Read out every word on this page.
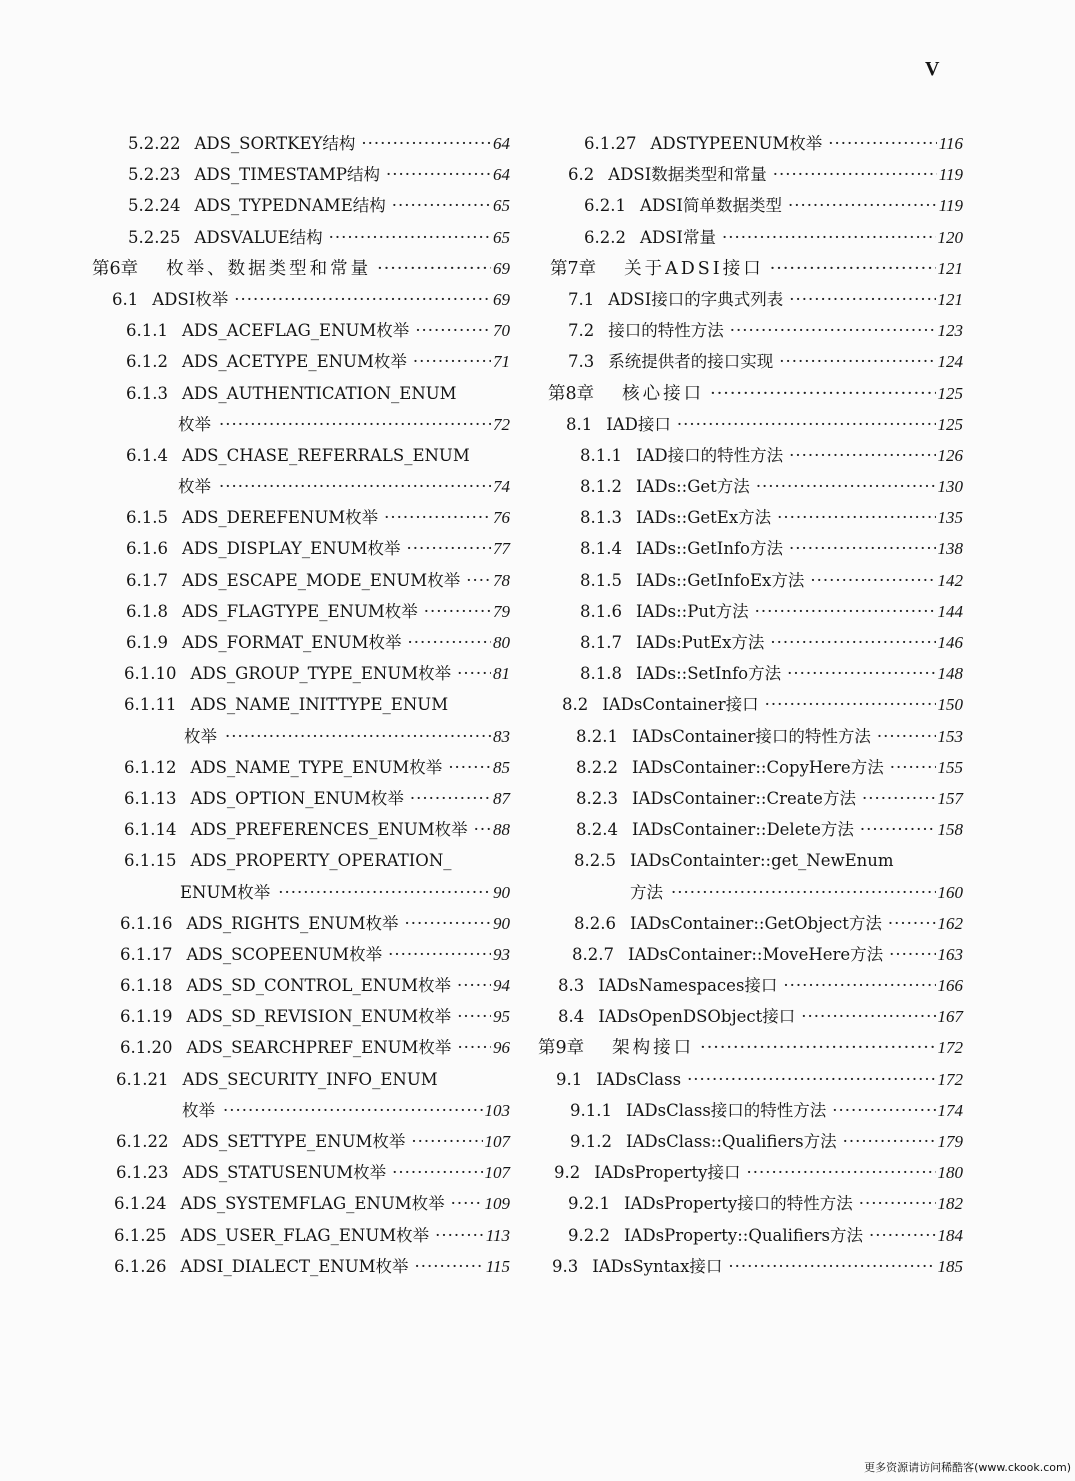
V
5.2.22 ADS_SORTKEY结构 ·····	64
5.2.23 ADS_TIMESTAMP结构 ·····	64
5.2.24 ADS_TYPEDNAME结构 ·····	65
5.2.25 ADSVALUE结构 ·····	65
第6章 枚举、数据类型和常量 ·····	69
6.1 ADSI枚举 ·····	69
6.1.1 ADS_ACEFLAG_ENUM枚举 ·····	70
6.1.2 ADS_ACETYPE_ENUM枚举 ·····	71
6.1.3 ADS_AUTHENTICATION_ENUM
枚举 ·····	72
6.1.4 ADS_CHASE_REFERRALS_ENUM
枚举 ·····	74
6.1.5 ADS_DEREFENUM枚举 ·····	76
6.1.6 ADS_DISPLAY_ENUM枚举 ·····	77
6.1.7 ADS_ESCAPE_MODE_ENUM枚举 ····· 78
6.1.8 ADS_FLAGTYPE_ENUM枚举 ·····	79
6.1.9 ADS_FORMAT_ENUM枚举 ·····	80
6.1.10 ADS_GROUP_TYPE_ENUM枚举 ····· 81
6.1.11 ADS_NAME_INITTYPE_ENUM
枚举 ·····	83
6.1.12 ADS_NAME_TYPE_ENUM枚举 ·····	85
6.1.13 ADS_OPTION_ENUM枚举 ·····	87
6.1.14 ADS_PREFERENCES_ENUM枚举 ····· 88
6.1.15 ADS_PROPERTY_OPERATION_
ENUM枚举 ·····	90
6.1.16 ADS_RIGHTS_ENUM枚举 ·····	90
6.1.17 ADS_SCOPEENUM枚举 ·····	93
6.1.18 ADS_SD_CONTROL_ENUM枚举 ····· 94
6.1.19 ADS_SD_REVISION_ENUM枚举 ····· 95
6.1.20 ADS_SEARCHPREF_ENUM枚举 ····· 96
6.1.21 ADS_SECURITY_INFO_ENUM
枚举 ·····	103
6.1.22 ADS_SETTYPE_ENUM枚举 ·····	107
6.1.23 ADS_STATUSENUM枚举 ·····	107
6.1.24 ADS_SYSTEMFLAG_ENUM枚举 ····· 109
6.1.25 ADS_USER_FLAG_ENUM枚举 ·····	113
6.1.26 ADSI_DIALECT_ENUM枚举 ·····	115
6.1.27 ADSTYPEENUM枚举 ·····	116
6.2 ADSI数据类型和常量 ·····	119
6.2.1 ADSI简单数据类型 ·····	119
6.2.2 ADSI常量 ·····	120
第7章 关于ADSI接口 ·····	121
7.1 ADSI接口的字典式列表 ·····	121
7.2 接口的特性方法 ·····	123
7.3 系统提供者的接口实现 ·····	124
第8章 核心接口 ·····	125
8.1 IAD接口 ·····	125
8.1.1 IAD接口的特性方法 ·····	126
8.1.2 IADs::Get方法 ·····	130
8.1.3 IADs::GetEx方法 ·····	135
8.1.4 IADs::GetInfo方法 ·····	138
8.1.5 IADs::GetInfoEx方法 ·····	142
8.1.6 IADs::Put方法 ·····	144
8.1.7 IADs:PutEx方法 ·····	146
8.1.8 IADs::SetInfo方法 ·····	148
8.2 IADsContainer接口 ·····	150
8.2.1 IADsContainer接口的特性方法 ·····	153
8.2.2 IADsContainer::CopyHere方法 ·····	155
8.2.3 IADsContainer::Create方法 ·····	157
8.2.4 IADsContainer::Delete方法 ·····	158
8.2.5 IADsContainter::get_NewEnum
方法 ·····	160
8.2.6 IADsContainer::GetObject方法 ·····	162
8.2.7 IADsContainer::MoveHere方法 ·····	163
8.3 IADsNamespaces接口 ·····	166
8.4 IADsOpenDSObject接口 ·····	167
第9章 架构接口 ·····	172
9.1 IADsClass ·····	172
9.1.1 IADsClass接口的特性方法 ·····	174
9.1.2 IADsClass::Qualifiers方法 ·····	179
9.2 IADsProperty接口 ·····	180
9.2.1 IADsProperty接口的特性方法 ·····	182
9.2.2 IADsProperty::Qualifiers方法 ·····	184
9.3 IADsSyntax接口 ·····	185
更多资源请访问稀酷客(www.ckook.com)
